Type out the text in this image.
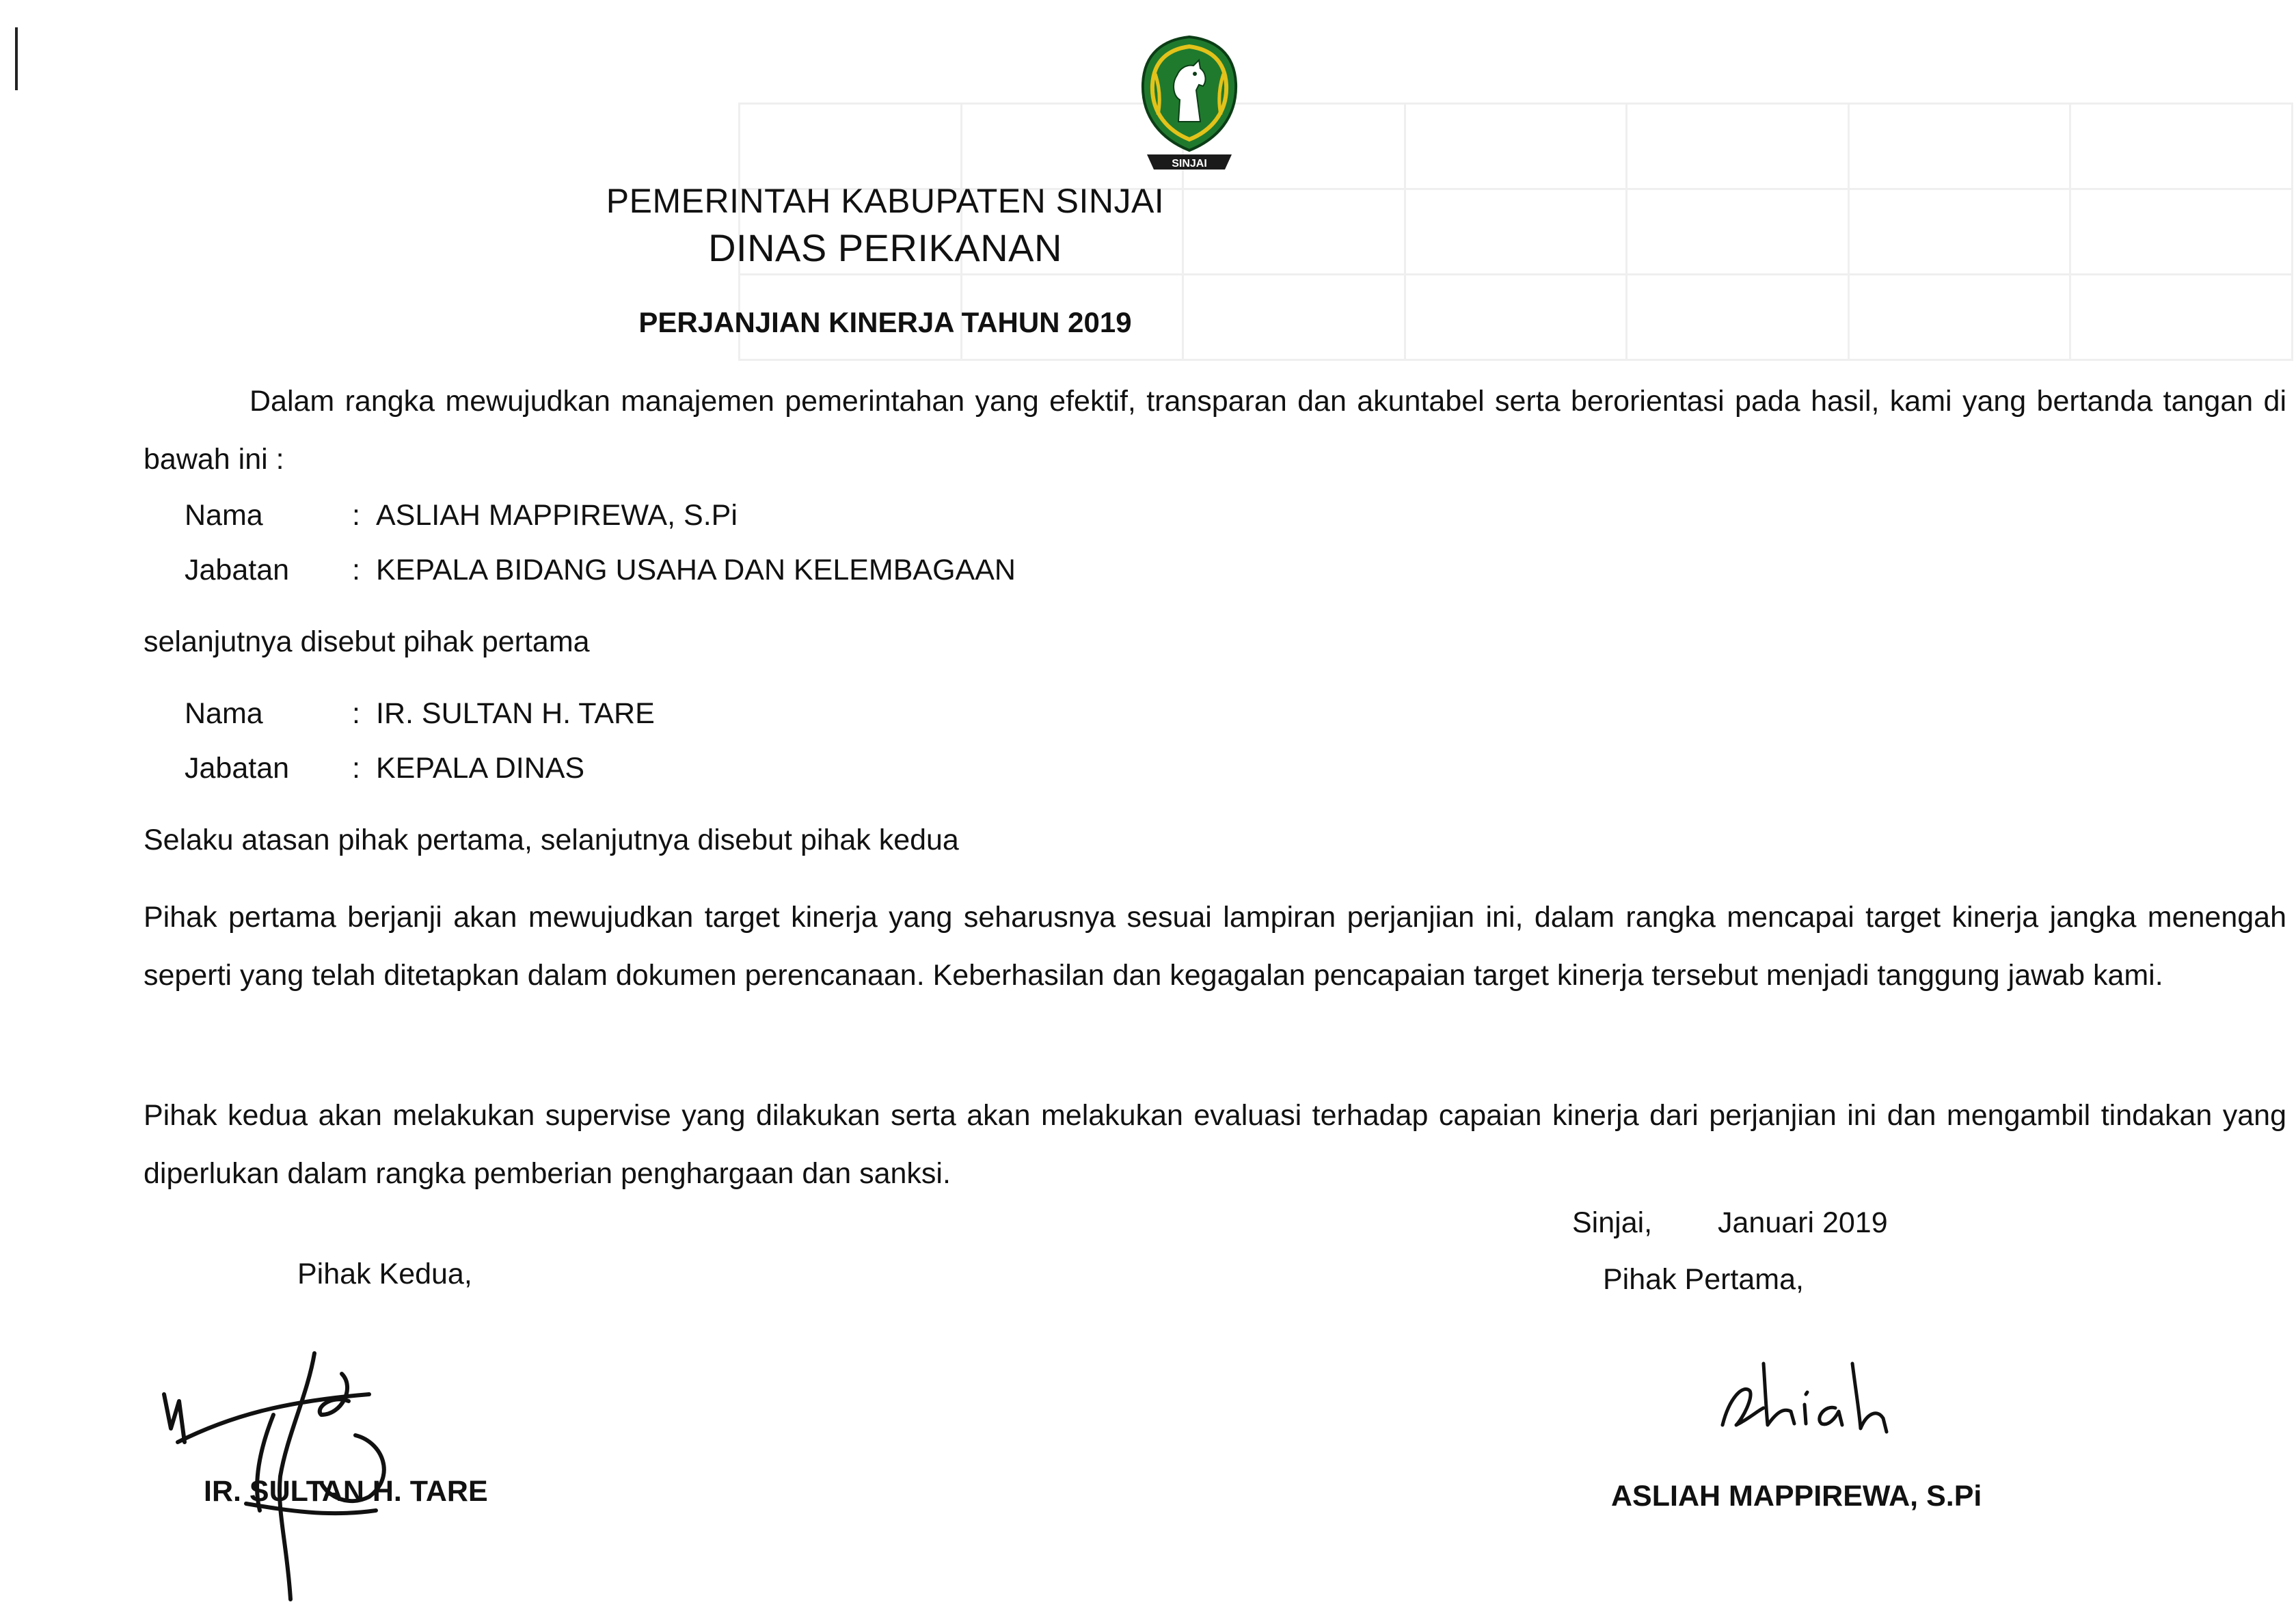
SINJAI
PEMERINTAH KABUPATEN SINJAI
DINAS PERIKANAN
PERJANJIAN KINERJA TAHUN 2019

Dalam rangka mewujudkan manajemen pemerintahan yang efektif, transparan dan akuntabel serta berorientasi pada hasil, kami yang bertanda tangan di bawah ini :

Nama	: ASLIAH MAPPIREWA, S.Pi
Jabatan	: KEPALA BIDANG USAHA DAN KELEMBAGAAN
selanjutnya disebut pihak pertama
Nama	: IR. SULTAN H. TARE
Jabatan	: KEPALA DINAS
Selaku atasan pihak pertama, selanjutnya disebut pihak kedua

Pihak pertama berjanji akan mewujudkan target kinerja yang seharusnya sesuai lampiran perjanjian ini, dalam rangka mencapai target kinerja jangka menengah seperti yang telah ditetapkan dalam dokumen perencanaan. Keberhasilan dan kegagalan pencapaian target kinerja tersebut menjadi tanggung jawab kami.

Pihak kedua akan melakukan supervise yang dilakukan serta akan melakukan evaluasi terhadap capaian kinerja dari perjanjian ini dan mengambil tindakan yang diperlukan dalam rangka pemberian penghargaan dan sanksi.

Sinjai, Januari 2019
Pihak Kedua,	Pihak Pertama,
IR. SULTAN H. TARE	ASLIAH MAPPIREWA, S.Pi
